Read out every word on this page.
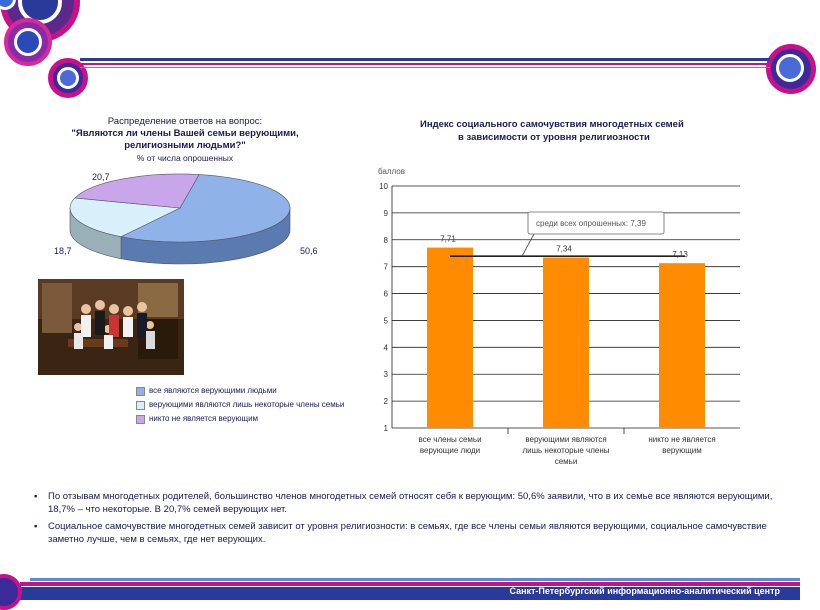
Распределение ответов на вопрос:
"Являются ли члены Вашей семьи верующими,
религиозными людьми?"
% от числа опрошенных
50,6
18,7
20,7
все являются верующими людьми
верующими являются лишь некоторые члены семьи
никто не является верующим
Индекс социального самочувствия многодетных семей
в зависимости от уровня религиозности
баллов
1
2
3
4
5
6
7
8
9
10
7,71
7,34
7,13
все члены семьи
верующие люди
верующими являются
лишь некоторые члены
семьи
никто не является
верующим
среди всех опрошенных: 7,39
▪ По отзывам многодетных родителей, большинство членов многодетных семей относят себя к верующим: 50,6% заявили, что в их семье все являются верующими, 18,7% – что некоторые. В 20,7% семей верующих нет.
▪ Социальное самочувствие многодетных семей зависит от уровня религиозности: в семьях, где все члены семьи являются верующими, социальное самочувствие заметно лучше, чем в семьях, где нет верующих.
Санкт-Петербургский информационно-аналитический центр
